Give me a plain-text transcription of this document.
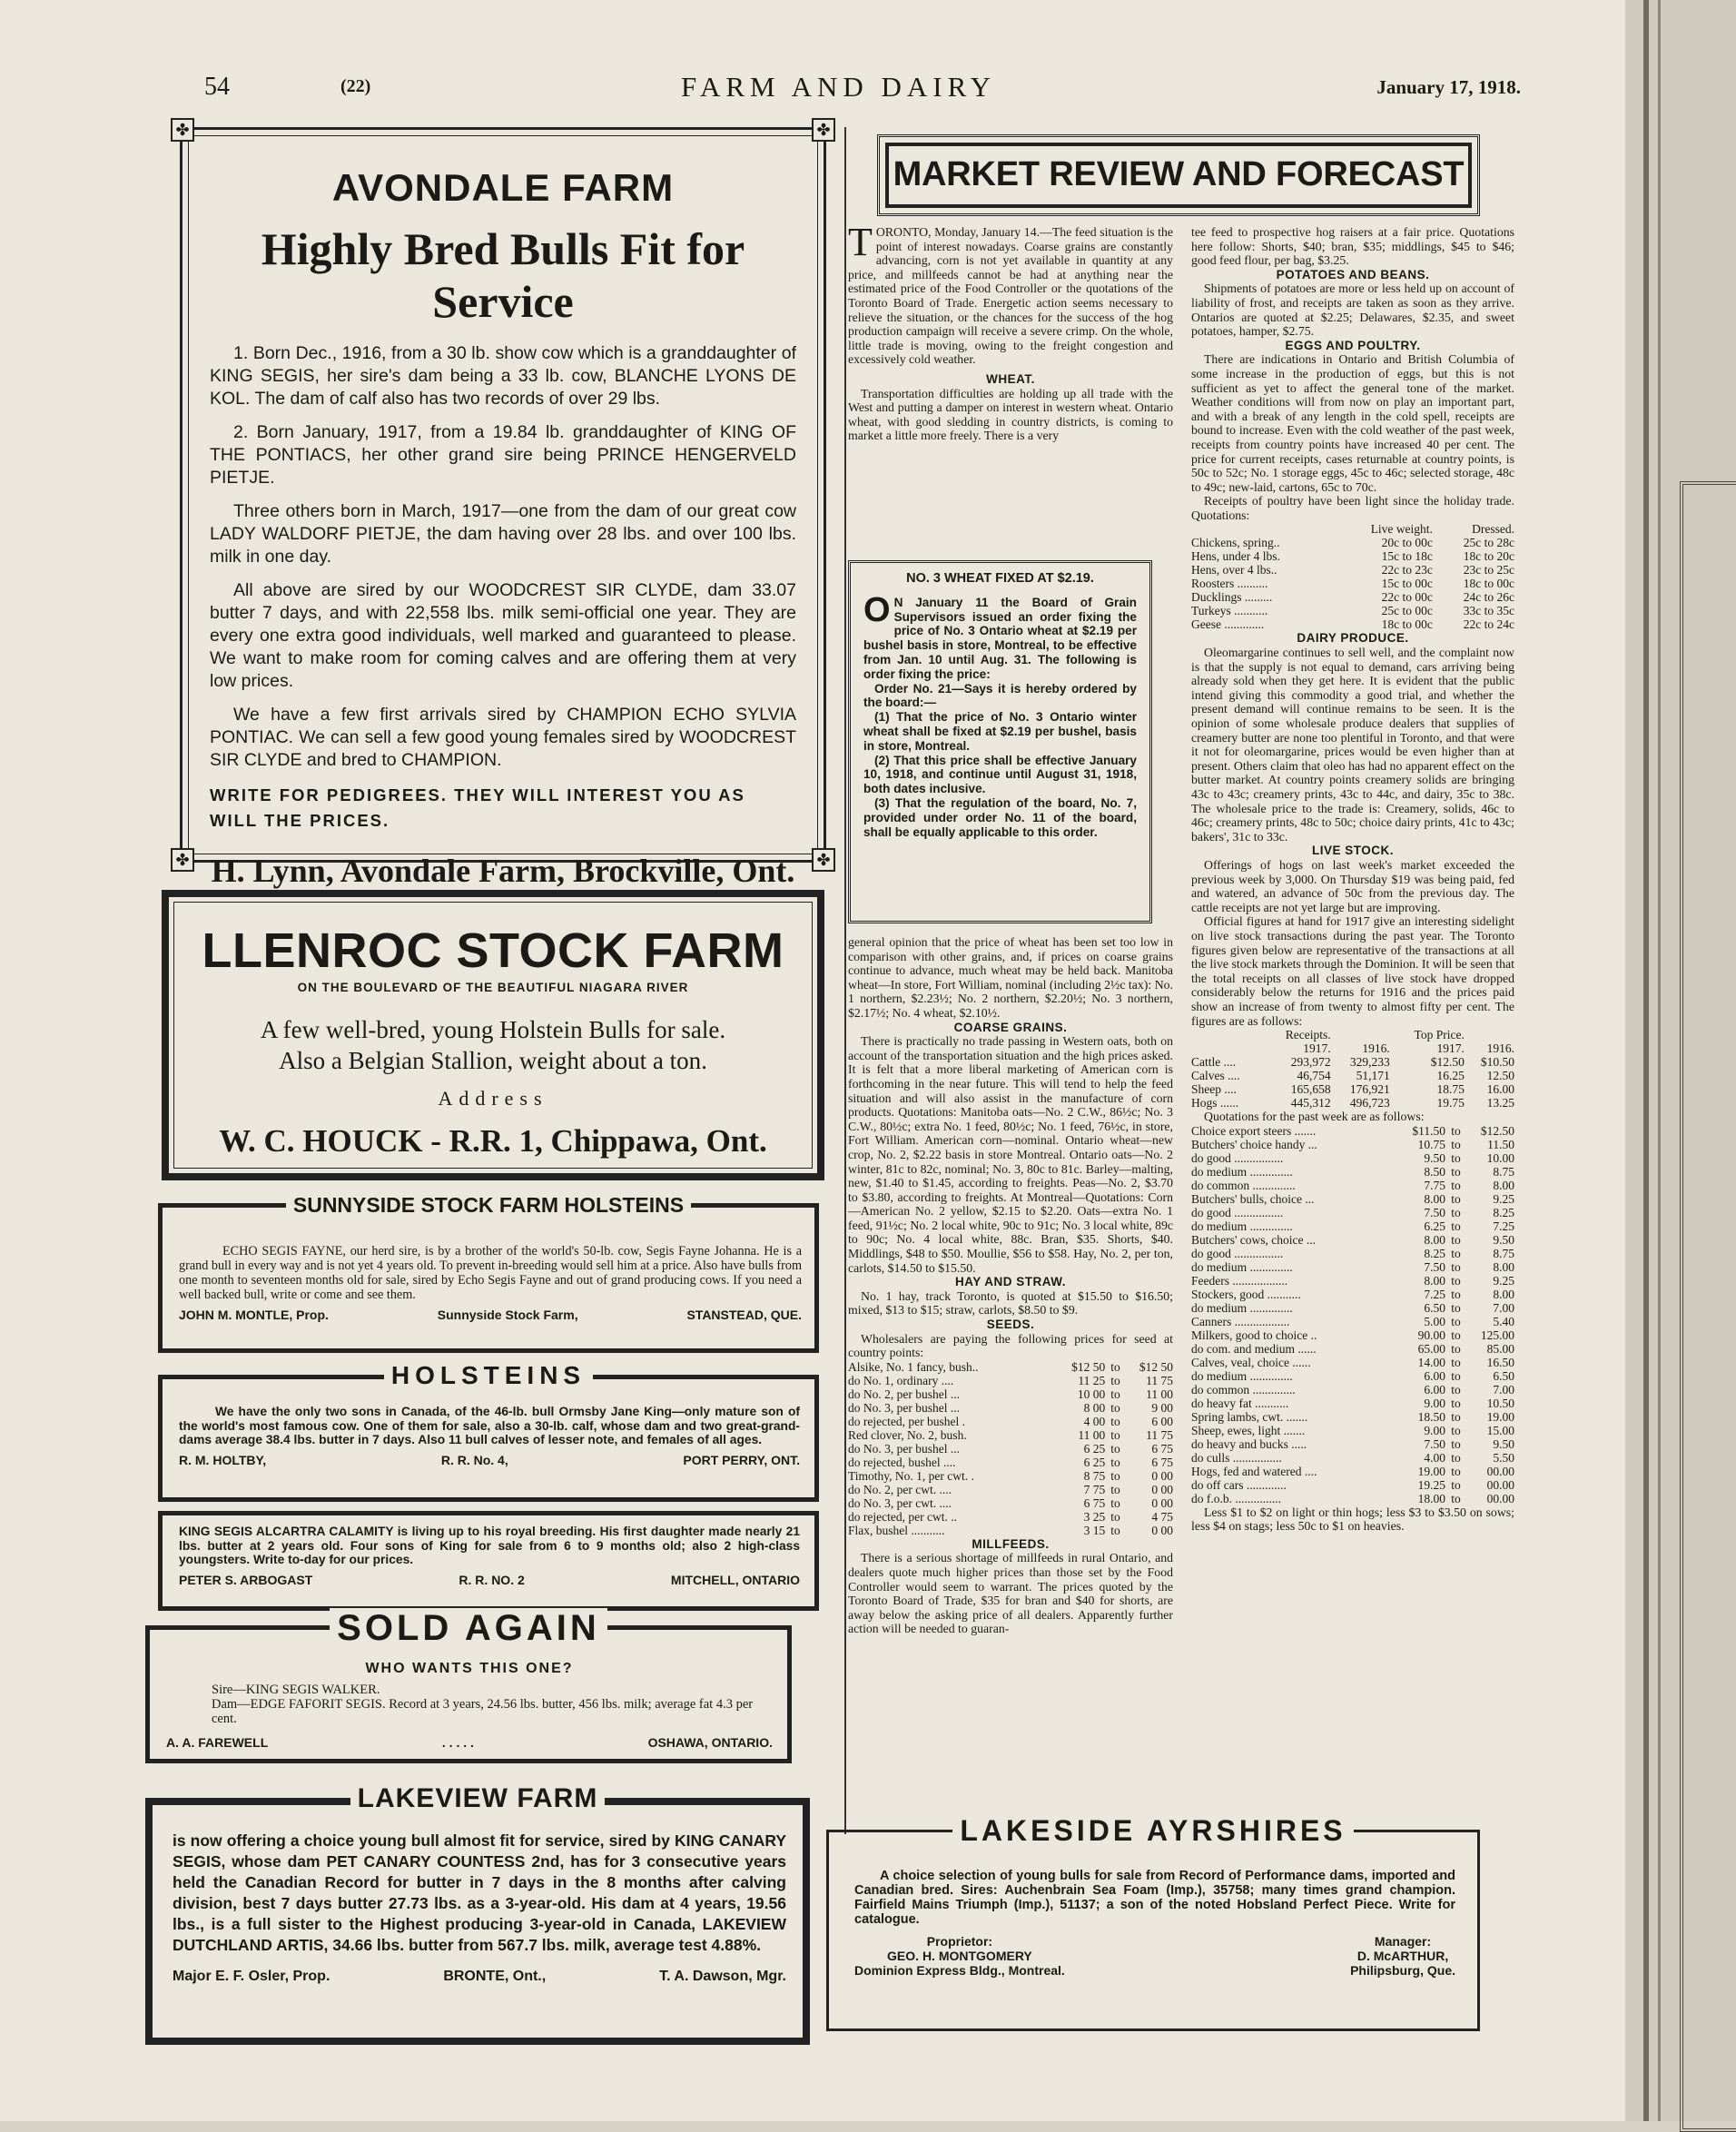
54	(22)	FARM AND DAIRY	January 17, 1918.
✤	✤
✤	✤
AVONDALE FARM
Highly Bred Bulls Fit for Service

1. Born Dec., 1916, from a 30 lb. show cow which is a granddaughter of KING SEGIS, her sire's dam being a 33 lb. cow, BLANCHE LYONS DE KOL. The dam of calf also has two records of over 29 lbs.

2. Born January, 1917, from a 19.84 lb. granddaughter of KING OF THE PONTIACS, her other grand sire being PRINCE HENGERVELD PIETJE.

Three others born in March, 1917—one from the dam of our great cow LADY WALDORF PIETJE, the dam having over 28 lbs. and over 100 lbs. milk in one day.

All above are sired by our WOODCREST SIR CLYDE, dam 33.07 butter 7 days, and with 22,558 lbs. milk semi-official one year. They are every one extra good individuals, well marked and guaranteed to please. We want to make room for coming calves and are offering them at very low prices.

We have a few first arrivals sired by CHAMPION ECHO SYLVIA PONTIAC. We can sell a few good young females sired by WOODCREST SIR CLYDE and bred to CHAMPION.

WRITE FOR PEDIGREES. THEY WILL INTEREST YOU AS WILL THE PRICES.

H. Lynn, Avondale Farm, Brockville, Ont.

LLENROC STOCK FARM
ON THE BOULEVARD OF THE BEAUTIFUL NIAGARA RIVER
A few well-bred, young Holstein Bulls for sale.
Also a Belgian Stallion, weight about a ton.
Address
W. C. HOUCK - R.R. 1, Chippawa, Ont.
SUNNYSIDE STOCK FARM HOLSTEINS

ECHO SEGIS FAYNE, our herd sire, is by a brother of the world's 50-lb. cow, Segis Fayne Johanna. He is a grand bull in every way and is not yet 4 years old. To prevent in-breeding would sell him at a price. Also have bulls from one month to seventeen months old for sale, sired by Echo Segis Fayne and out of grand producing cows. If you need a well backed bull, write or come and see them.

JOHN M. MONTLE, Prop.	Sunnyside Stock Farm,	STANSTEAD, QUE.
HOLSTEINS

We have the only two sons in Canada, of the 46-lb. bull Ormsby Jane King—only mature son of the world's most famous cow. One of them for sale, also a 30-lb. calf, whose dam and two great-grand-dams average 38.4 lbs. butter in 7 days. Also 11 bull calves of lesser note, and females of all ages.

R. M. HOLTBY,	R. R. No. 4,	PORT PERRY, ONT.

KING SEGIS ALCARTRA CALAMITY is living up to his royal breeding. His first daughter made nearly 21 lbs. butter at 2 years old. Four sons of King for sale from 6 to 9 months old; also 2 high-class youngsters. Write to-day for our prices.

PETER S. ARBOGAST	R. R. NO. 2	MITCHELL, ONTARIO
SOLD AGAIN
WHO WANTS THIS ONE?

Sire—KING SEGIS WALKER.

Dam—EDGE FAFORIT SEGIS. Record at 3 years, 24.56 lbs. butter, 456 lbs. milk; average fat 4.3 per cent.

A. A. FAREWELL	. . . . .	OSHAWA, ONTARIO.
LAKEVIEW FARM

is now offering a choice young bull almost fit for service, sired by KING CANARY SEGIS, whose dam PET CANARY COUNTESS 2nd, has for 3 consecutive years held the Canadian Record for butter in 7 days in the 8 months after calving division, best 7 days butter 27.73 lbs. as a 3-year-old. His dam at 4 years, 19.56 lbs., is a full sister to the Highest producing 3-year-old in Canada, LAKEVIEW DUTCHLAND ARTIS, 34.66 lbs. butter from 567.7 lbs. milk, average test 4.88%.

Major E. F. Osler, Prop.	BRONTE, Ont.,	T. A. Dawson, Mgr.
MARKET REVIEW AND FORECAST

TORONTO, Monday, January 14.—The feed situation is the point of interest nowadays. Coarse grains are constantly advancing, corn is not yet available in quantity at any price, and millfeeds cannot be had at anything near the estimated price of the Food Controller or the quotations of the Toronto Board of Trade. Energetic action seems necessary to relieve the situation, or the chances for the success of the hog production campaign will receive a severe crimp. On the whole, little trade is moving, owing to the freight congestion and excessively cold weather.

WHEAT.

Transportation difficulties are holding up all trade with the West and putting a damper on interest in western wheat. Ontario wheat, with good sledding in country districts, is coming to market a little more freely. There is a very

NO. 3 WHEAT FIXED AT $2.19.

O N January 11 the Board of Grain Supervisors issued an order fixing the price of No. 3 Ontario wheat at $2.19 per bushel basis in store, Montreal, to be effective from Jan. 10 until Aug. 31. The following is order fixing the price:

Order No. 21—Says it is hereby ordered by the board:—

(1) That the price of No. 3 Ontario winter wheat shall be fixed at $2.19 per bushel, basis in store, Montreal.

(2) That this price shall be effective January 10, 1918, and continue until August 31, 1918, both dates inclusive.

(3) That the regulation of the board, No. 7, provided under order No. 11 of the board, shall be equally applicable to this order.

general opinion that the price of wheat has been set too low in comparison with other grains, and, if prices on coarse grains continue to advance, much wheat may be held back. Manitoba wheat—In store, Fort William, nominal (including 2½c tax): No. 1 northern, $2.23½; No. 2 northern, $2.20½; No. 3 northern, $2.17½; No. 4 wheat, $2.10½.

COARSE GRAINS.

There is practically no trade passing in Western oats, both on account of the transportation situation and the high prices asked. It is felt that a more liberal marketing of American corn is forthcoming in the near future. This will tend to help the feed situation and will also assist in the manufacture of corn products. Quotations: Manitoba oats—No. 2 C.W., 86½c; No. 3 C.W., 80½c; extra No. 1 feed, 80½c; No. 1 feed, 76½c, in store, Fort William. American corn—nominal. Ontario wheat—new crop, No. 2, $2.22 basis in store Montreal. Ontario oats—No. 2 winter, 81c to 82c, nominal; No. 3, 80c to 81c. Barley—malting, new, $1.40 to $1.45, according to freights. Peas—No. 2, $3.70 to $3.80, according to freights. At Montreal—Quotations: Corn—American No. 2 yellow, $2.15 to $2.20. Oats—extra No. 1 feed, 91½c; No. 2 local white, 90c to 91c; No. 3 local white, 89c to 90c; No. 4 local white, 88c. Bran, $35. Shorts, $40. Middlings, $48 to $50. Moullie, $56 to $58. Hay, No. 2, per ton, carlots, $14.50 to $15.50.

HAY AND STRAW.

No. 1 hay, track Toronto, is quoted at $15.50 to $16.50; mixed, $13 to $15; straw, carlots, $8.50 to $9.

SEEDS.

Wholesalers are paying the following prices for seed at country points:

Alsike, No. 1 fancy, bush..	$12 50	to	$12 50
do No. 1, ordinary ....	11 25	to	11 75
do No. 2, per bushel ...	10 00	to	11 00
do No. 3, per bushel ...	8 00	to	9 00
do rejected, per bushel .	4 00	to	6 00
Red clover, No. 2, bush.	11 00	to	11 75
do No. 3, per bushel ...	6 25	to	6 75
do rejected, bushel ....	6 25	to	6 75
Timothy, No. 1, per cwt. .	8 75	to	0 00
do No. 2, per cwt. ....	7 75	to	0 00
do No. 3, per cwt. ....	6 75	to	0 00
do rejected, per cwt. ..	3 25	to	4 75
Flax, bushel ...........	3 15	to	0 00
MILLFEEDS.

There is a serious shortage of millfeeds in rural Ontario, and dealers quote much higher prices than those set by the Food Controller would seem to warrant. The prices quoted by the Toronto Board of Trade, $35 for bran and $40 for shorts, are away below the asking price of all dealers. Apparently further action will be needed to guaran-

tee feed to prospective hog raisers at a fair price. Quotations here follow: Shorts, $40; bran, $35; middlings, $45 to $46; good feed flour, per bag, $3.25.

POTATOES AND BEANS.

Shipments of potatoes are more or less held up on account of liability of frost, and receipts are taken as soon as they arrive. Ontarios are quoted at $2.25; Delawares, $2.35, and sweet potatoes, hamper, $2.75.

EGGS AND POULTRY.

There are indications in Ontario and British Columbia of some increase in the production of eggs, but this is not sufficient as yet to affect the general tone of the market. Weather conditions will from now on play an important part, and with a break of any length in the cold spell, receipts are bound to increase. Even with the cold weather of the past week, receipts from country points have increased 40 per cent. The price for current receipts, cases returnable at country points, is 50c to 52c; No. 1 storage eggs, 45c to 46c; selected storage, 48c to 49c; new-laid, cartons, 65c to 70c.

Receipts of poultry have been light since the holiday trade. Quotations:

	Live weight.	Dressed.
Chickens, spring..	20c to 00c	25c to 28c
Hens, under 4 lbs.	15c to 18c	18c to 20c
Hens, over 4 lbs..	22c to 23c	23c to 25c
Roosters ..........	15c to 00c	18c to 00c
Ducklings .........	22c to 00c	24c to 26c
Turkeys ...........	25c to 00c	33c to 35c
Geese .............	18c to 00c	22c to 24c
DAIRY PRODUCE.

Oleomargarine continues to sell well, and the complaint now is that the supply is not equal to demand, cars arriving being already sold when they get here. It is evident that the public intend giving this commodity a good trial, and whether the present demand will continue remains to be seen. It is the opinion of some wholesale produce dealers that supplies of creamery butter are none too plentiful in Toronto, and that were it not for oleomargarine, prices would be even higher than at present. Others claim that oleo has had no apparent effect on the butter market. At country points creamery solids are bringing 43c to 43c; creamery prints, 43c to 44c, and dairy, 35c to 38c. The wholesale price to the trade is: Creamery, solids, 46c to 46c; creamery prints, 48c to 50c; choice dairy prints, 41c to 43c; bakers', 31c to 33c.

LIVE STOCK.

Offerings of hogs on last week's market exceeded the previous week by 3,000. On Thursday $19 was being paid, fed and watered, an advance of 50c from the previous day. The cattle receipts are not yet large but are improving.

Official figures at hand for 1917 give an interesting sidelight on live stock transactions during the past year. The Toronto figures given below are representative of the transactions at all the live stock markets through the Dominion. It will be seen that the total receipts on all classes of live stock have dropped considerably below the returns for 1916 and the prices paid show an increase of from twenty to almost fifty per cent. The figures are as follows:

	Receipts.		Top Price.	
	1917.	1916.	1917.	1916.
Cattle ....	293,972	329,233	$12.50	$10.50
Calves ....	46,754	51,171	16.25	12.50
Sheep ....	165,658	176,921	18.75	16.00
Hogs ......	445,312	496,723	19.75	13.25

Quotations for the past week are as follows:

Choice export steers .......	$11.50	to	$12.50
Butchers' choice handy ...	10.75	to	11.50
do good ................	9.50	to	10.00
do medium ..............	8.50	to	8.75
do common ..............	7.75	to	8.00
Butchers' bulls, choice ...	8.00	to	9.25
do good ................	7.50	to	8.25
do medium ..............	6.25	to	7.25
Butchers' cows, choice ...	8.00	to	9.50
do good ................	8.25	to	8.75
do medium ..............	7.50	to	8.00
Feeders ..................	8.00	to	9.25
Stockers, good ...........	7.25	to	8.00
do medium ..............	6.50	to	7.00
Canners ..................	5.00	to	5.40
Milkers, good to choice ..	90.00	to	125.00
do com. and medium ......	65.00	to	85.00
Calves, veal, choice ......	14.00	to	16.50
do medium ..............	6.00	to	6.50
do common ..............	6.00	to	7.00
do heavy fat ...........	9.00	to	10.50
Spring lambs, cwt. .......	18.50	to	19.00
Sheep, ewes, light .......	9.00	to	15.00
do heavy and bucks .....	7.50	to	9.50
do culls ................	4.00	to	5.50
Hogs, fed and watered ....	19.00	to	00.00
do off cars .............	19.25	to	00.00
do f.o.b. ...............	18.00	to	00.00

Less $1 to $2 on light or thin hogs; less $3 to $3.50 on sows; less $4 on stags; less 50c to $1 on heavies.

LAKESIDE AYRSHIRES

A choice selection of young bulls for sale from Record of Performance dams, imported and Canadian bred. Sires: Auchenbrain Sea Foam (Imp.), 35758; many times grand champion. Fairfield Mains Triumph (Imp.), 51137; a son of the noted Hobsland Perfect Piece. Write for catalogue.

Proprietor:
GEO. H. MONTGOMERY
Dominion Express Bldg., Montreal.
Manager:
D. McARTHUR,
Philipsburg, Que.
